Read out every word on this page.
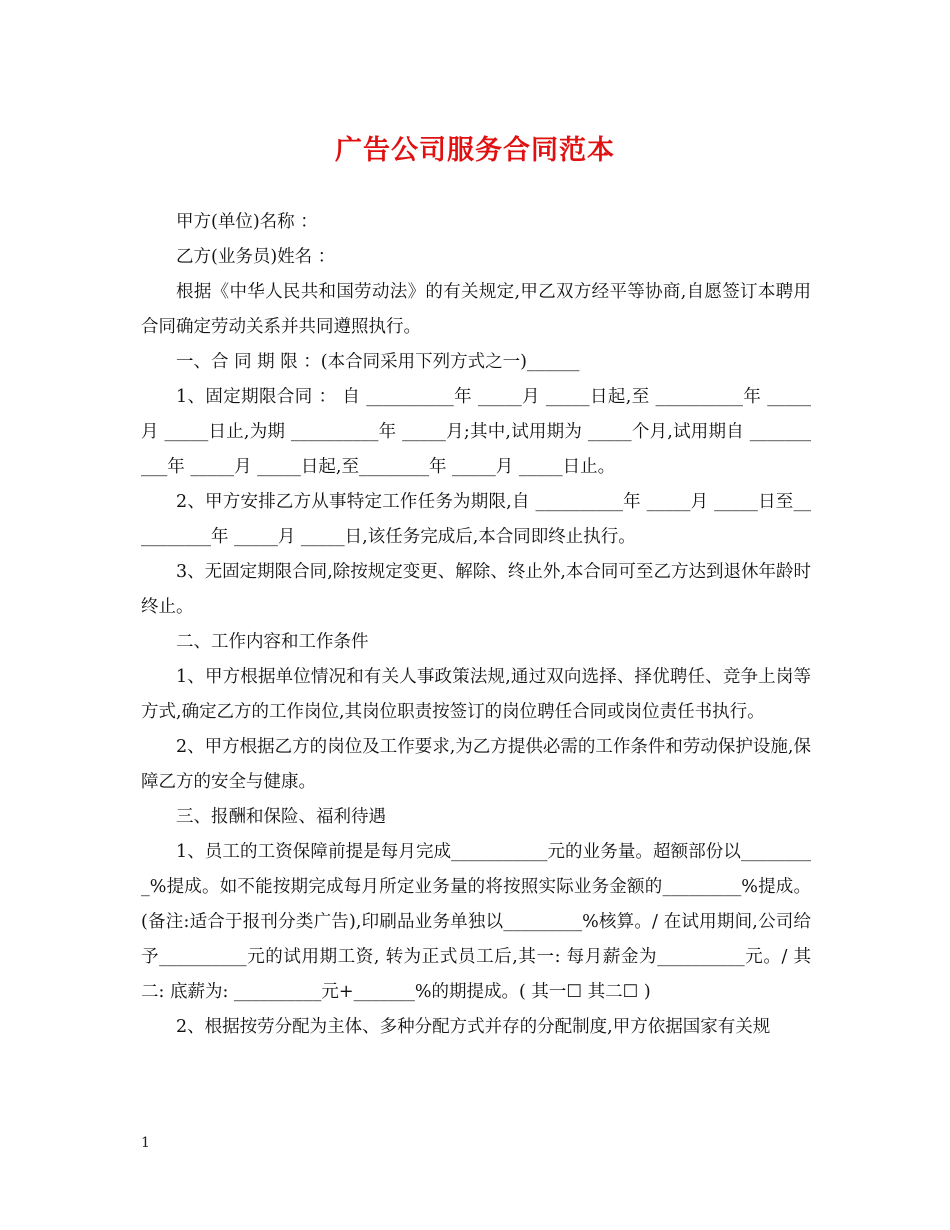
广告公司服务合同范本

甲方(单位)名称 ：

乙方(业务员)姓名 ：

根据《中华人民共和国劳动法》的有关规定,甲乙双方经平等协商,自愿签订本聘用合同确定劳动关系并共同遵照执行。

一、合 同 期 限 ：(本合同采用下列方式之一)______

1、固定期限合同 ： 自 __________年 _____月 _____日起,至 __________年 _____月 _____日止,为期 __________年 _____月;其中,试用期为 _____个月,试用期自 __________年 _____月 _____日起,至________年 _____月 _____日止。

2、甲方安排乙方从事特定工作任务为期限,自 __________年 _____月 _____日至__________年 _____月 _____日,该任务完成后,本合同即终止执行。

3、无固定期限合同,除按规定变更、解除、终止外,本合同可至乙方达到退休年龄时终止。

二、工作内容和工作条件

1、甲方根据单位情况和有关人事政策法规,通过双向选择、择优聘任、竞争上岗等方式,确定乙方的工作岗位,其岗位职责按签订的岗位聘任合同或岗位责任书执行。

2、甲方根据乙方的岗位及工作要求,为乙方提供必需的工作条件和劳动保护设施,保障乙方的安全与健康。

三、报酬和保险、福利待遇

1、员工的工资保障前提是每月完成___________元的业务量。超额部份以_________%提成。如不能按期完成每月所定业务量的将按照实际业务金额的_________%提成。(备注:适合于报刊分类广告),印刷品业务单独以_________%核算。/ 在试用期间,公司给予__________元的试用期工资, 转为正式员工后,其一: 每月薪金为__________元。/ 其二: 底薪为: __________元+_______%的期提成。( 其一☐ 其二☐ )

2、根据按劳分配为主体、多种分配方式并存的分配制度,甲方依据国家有关规

1
